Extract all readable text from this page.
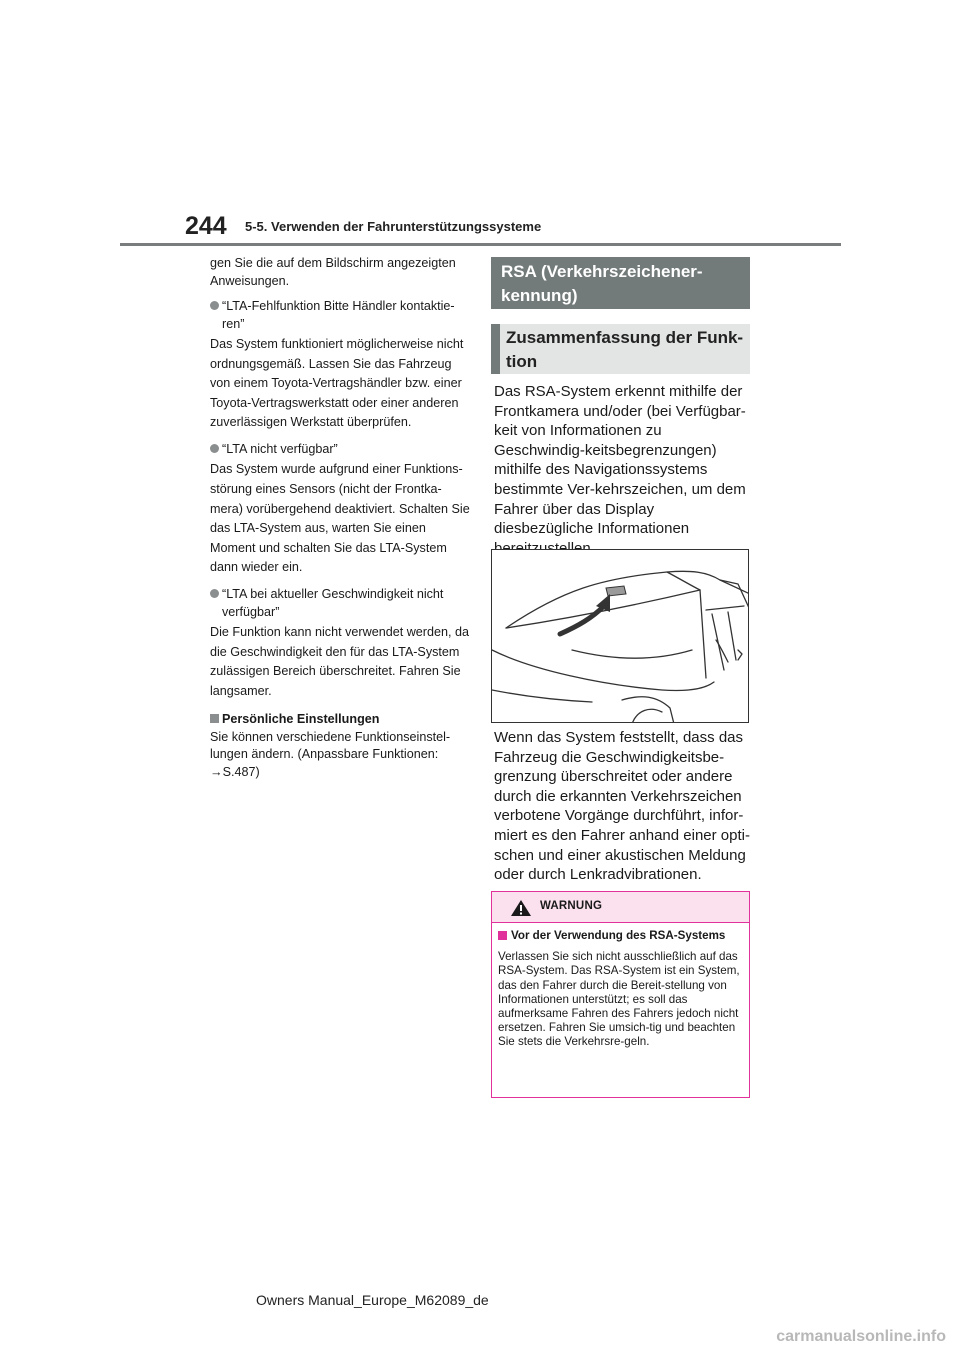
244 5-5. Verwenden der Fahrunterstützungssysteme

gen Sie die auf dem Bildschirm angezeigten Anweisungen.

“LTA-Fehlfunktion Bitte Händler kontaktie-ren”

Das System funktioniert möglicherweise nicht ordnungsgemäß. Lassen Sie das Fahrzeug von einem Toyota-Vertragshändler bzw. einer Toyota-Vertragswerkstatt oder einer anderen zuverlässigen Werkstatt überprüfen.

“LTA nicht verfügbar”

Das System wurde aufgrund einer Funktions-störung eines Sensors (nicht der Frontka-mera) vorübergehend deaktiviert. Schalten Sie das LTA-System aus, warten Sie einen Moment und schalten Sie das LTA-System dann wieder ein.

“LTA bei aktueller Geschwindigkeit nicht verfügbar”

Die Funktion kann nicht verwendet werden, da die Geschwindigkeit den für das LTA-System zulässigen Bereich überschreitet. Fahren Sie langsamer.

Persönliche Einstellungen

Sie können verschiedene Funktionseinstel-lungen ändern. (Anpassbare Funktionen: →S.487)

RSA (Verkehrszeichener-kennung)
Zusammenfassung der Funk-tion

Das RSA-System erkennt mithilfe der Frontkamera und/oder (bei Verfügbar-keit von Informationen zu Geschwindig-keitsbegrenzungen) mithilfe des Navigationssystems bestimmte Ver-kehrszeichen, um dem Fahrer über das Display diesbezügliche Informationen

Wenn das System feststellt, dass das Fahrzeug die Geschwindigkeitsbe-grenzung überschreitet oder andere durch die erkannten Verkehrszeichen verbotene Vorgänge durchführt, infor-miert es den Fahrer anhand einer opti-schen und einer akustischen Meldung oder durch Lenkradvibrationen.

WARNUNG
Vor der Verwendung des RSA-Systems

Verlassen Sie sich nicht ausschließlich auf das RSA-System. Das RSA-System ist ein System, das den Fahrer durch die Bereit-stellung von Informationen unterstützt; es soll das aufmerksame Fahren des Fahrers jedoch nicht ersetzen. Fahren Sie umsich-tig und beachten Sie stets die Verkehrsre-geln.

Owners Manual_Europe_M62089_de
carmanualsonline.info
